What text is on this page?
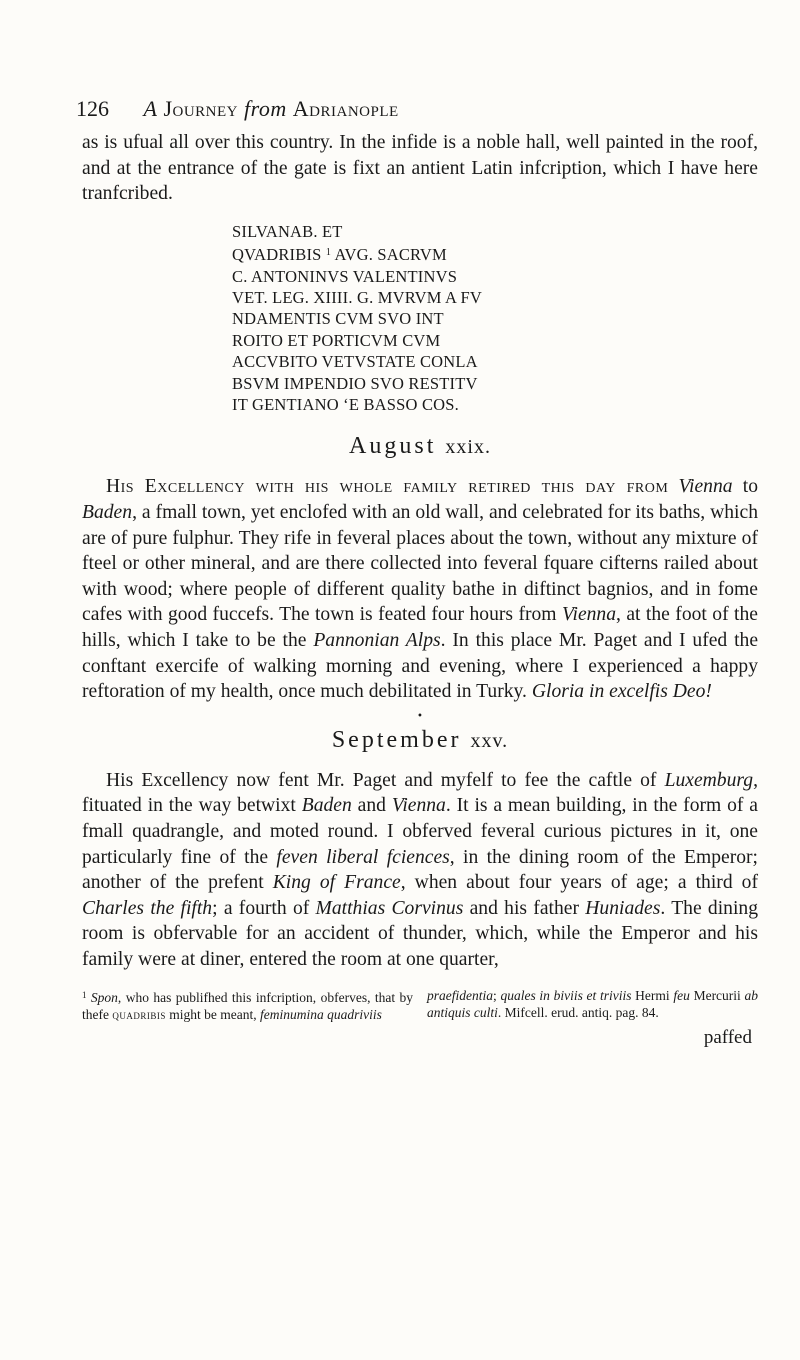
126 A Journey from Adrianople

as is ufual all over this country. In the infide is a noble hall, well painted in the roof, and at the entrance of the gate is fixt an antient Latin infcription, which I have here tranfcribed.

SILVANAB. ET
QVADRIBIS $^1$ AVG. SACRVM
C. ANTONINVS VALENTINVS
VET. LEG. XIIII. G. MVRVM A FV
NDAMENTIS CVM SVO INT
ROITO ET PORTICVM CVM
ACCVBITO VETVSTATE CONLA
BSVM IMPENDIO SVO RESTITV
IT GENTIANO ‘E BASSO COS.
August xxix.

His Excellency with his whole family retired this day from Vienna to Baden, a fmall town, yet enclofed with an old wall, and celebrated for its baths, which are of pure fulphur. They rife in feveral places about the town, without any mixture of fteel or other mineral, and are there collected into feveral fquare cifterns railed about with wood; where people of different quality bathe in diftinct bagnios, and in fome cafes with good fuccefs. The town is feated four hours from Vienna, at the foot of the hills, which I take to be the Pannonian Alps. In this place Mr. Paget and I ufed the conftant exercife of walking morning and evening, where I experienced a happy reftoration of my health, once much debilitated in Turky. Gloria in excelfis Deo!

•
September xxv.

His Excellency now fent Mr. Paget and myfelf to fee the caftle of Luxemburg, fituated in the way betwixt Baden and Vienna. It is a mean building, in the form of a fmall quadrangle, and moted round. I obferved feveral curious pictures in it, one particularly fine of the feven liberal fciences, in the dining room of the Emperor; another of the prefent King of France, when about four years of age; a third of Charles the fifth; a fourth of Matthias Corvinus and his father Huniades. The dining room is obfervable for an accident of thunder, which, while the Emperor and his family were at diner, entered the room at one quarter,

$^1$ Spon, who has publifhed this infcription, obferves, that by thefe quadribis might be meant, feminumina quadriviis
praefidentia; quales in biviis et triviis Hermi feu Mercurii ab antiquis culti. Mifcell. erud. antiq. pag. 84.
paffed
